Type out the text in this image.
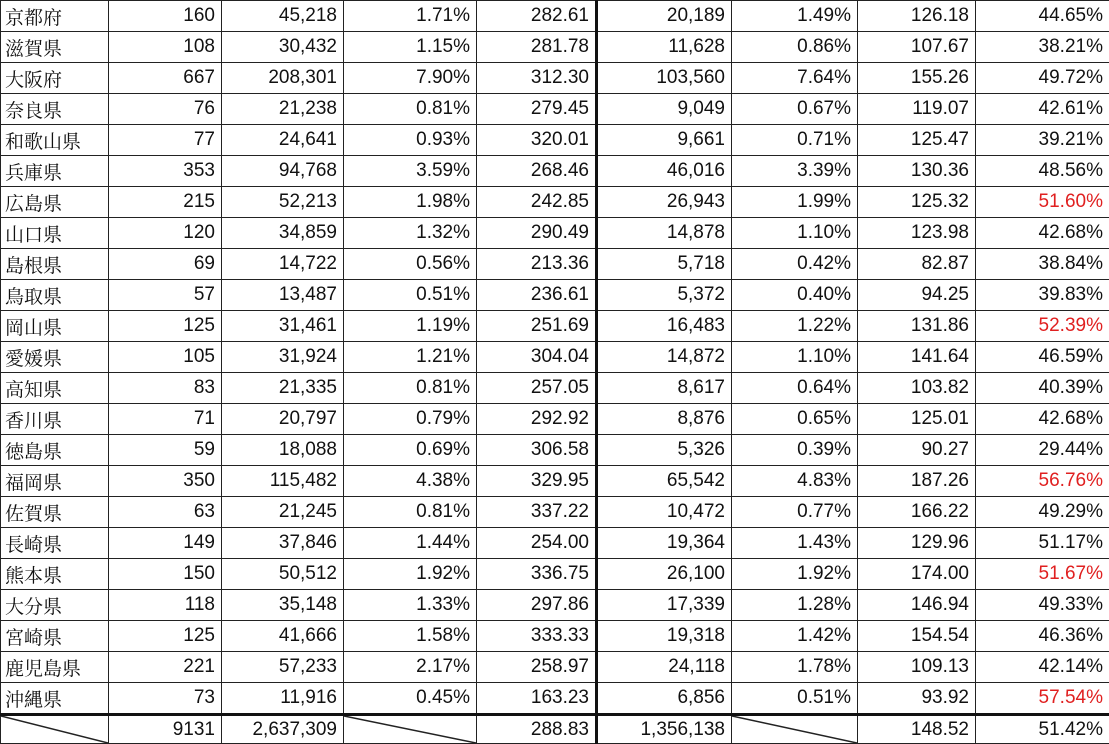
京都府	160	45,218	1.71%	282.61	20,189	1.49%	126.18	44.65%
滋賀県	108	30,432	1.15%	281.78	11,628	0.86%	107.67	38.21%
大阪府	667	208,301	7.90%	312.30	103,560	7.64%	155.26	49.72%
奈良県	76	21,238	0.81%	279.45	9,049	0.67%	119.07	42.61%
和歌山県	77	24,641	0.93%	320.01	9,661	0.71%	125.47	39.21%
兵庫県	353	94,768	3.59%	268.46	46,016	3.39%	130.36	48.56%
広島県	215	52,213	1.98%	242.85	26,943	1.99%	125.32	51.60%
山口県	120	34,859	1.32%	290.49	14,878	1.10%	123.98	42.68%
島根県	69	14,722	0.56%	213.36	5,718	0.42%	82.87	38.84%
鳥取県	57	13,487	0.51%	236.61	5,372	0.40%	94.25	39.83%
岡山県	125	31,461	1.19%	251.69	16,483	1.22%	131.86	52.39%
愛媛県	105	31,924	1.21%	304.04	14,872	1.10%	141.64	46.59%
高知県	83	21,335	0.81%	257.05	8,617	0.64%	103.82	40.39%
香川県	71	20,797	0.79%	292.92	8,876	0.65%	125.01	42.68%
徳島県	59	18,088	0.69%	306.58	5,326	0.39%	90.27	29.44%
福岡県	350	115,482	4.38%	329.95	65,542	4.83%	187.26	56.76%
佐賀県	63	21,245	0.81%	337.22	10,472	0.77%	166.22	49.29%
長崎県	149	37,846	1.44%	254.00	19,364	1.43%	129.96	51.17%
熊本県	150	50,512	1.92%	336.75	26,100	1.92%	174.00	51.67%
大分県	118	35,148	1.33%	297.86	17,339	1.28%	146.94	49.33%
宮崎県	125	41,666	1.58%	333.33	19,318	1.42%	154.54	46.36%
鹿児島県	221	57,233	2.17%	258.97	24,118	1.78%	109.13	42.14%
沖縄県	73	11,916	0.45%	163.23	6,856	0.51%	93.92	57.54%
	9131	2,637,309		288.83	1,356,138		148.52	51.42%
